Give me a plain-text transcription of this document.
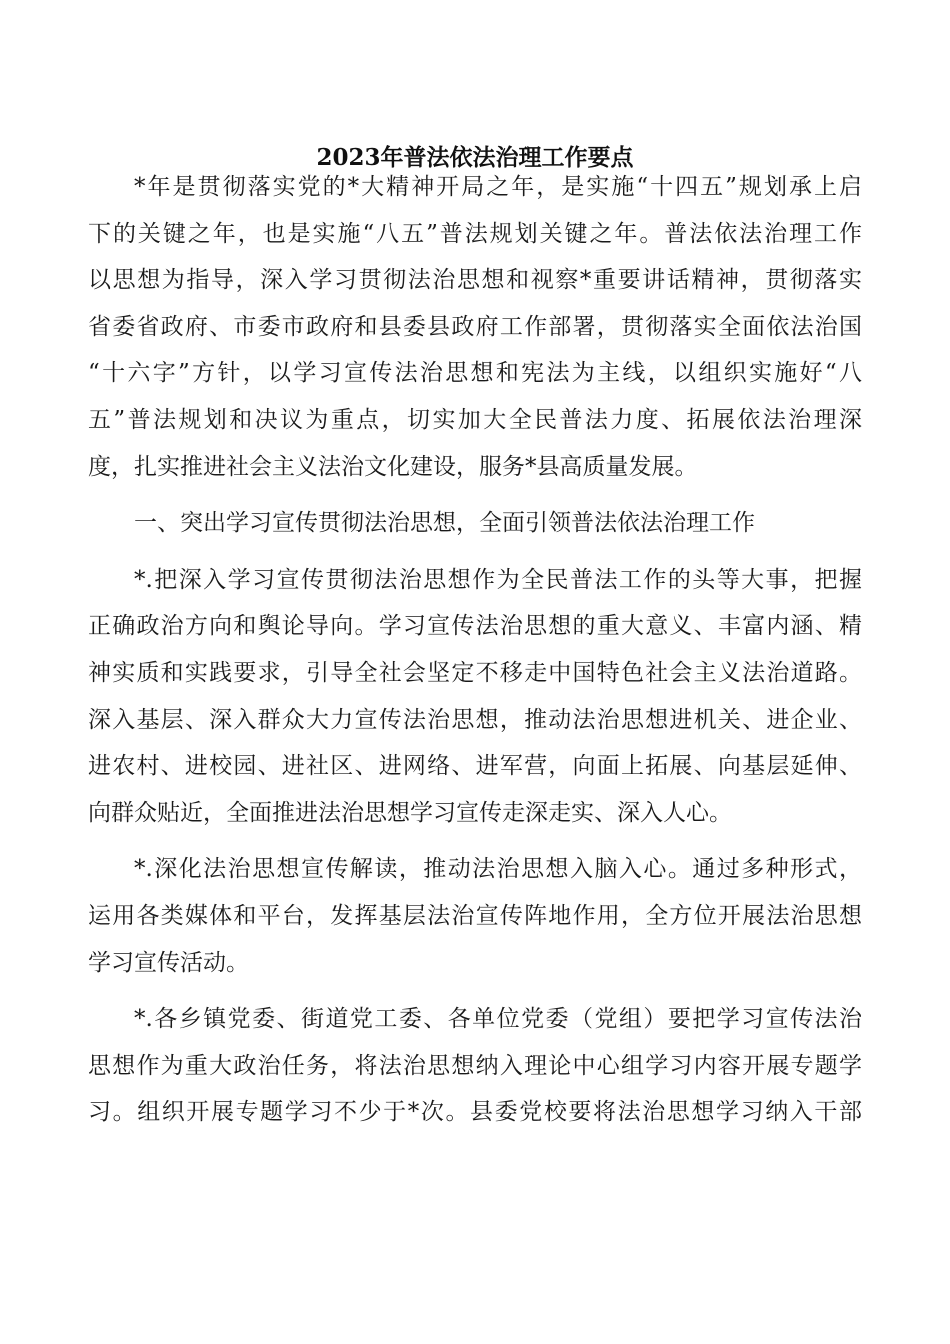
2023年普法依法治理工作要点
*年是贯彻落实党的*大精神开局之年，是实施“十四五”规划承上启
下的关键之年，也是实施“八五”普法规划关键之年。普法依法治理工作
以思想为指导，深入学习贯彻法治思想和视察*重要讲话精神，贯彻落实
省委省政府、市委市政府和县委县政府工作部署，贯彻落实全面依法治国
“十六字”方针，以学习宣传法治思想和宪法为主线，以组织实施好“八
五”普法规划和决议为重点，切实加大全民普法力度、拓展依法治理深
度，扎实推进社会主义法治文化建设，服务*县高质量发展。
一、突出学习宣传贯彻法治思想，全面引领普法依法治理工作
*.把深入学习宣传贯彻法治思想作为全民普法工作的头等大事，把握
正确政治方向和舆论导向。学习宣传法治思想的重大意义、丰富内涵、精
神实质和实践要求，引导全社会坚定不移走中国特色社会主义法治道路。
深入基层、深入群众大力宣传法治思想，推动法治思想进机关、进企业、
进农村、进校园、进社区、进网络、进军营，向面上拓展、向基层延伸、
向群众贴近，全面推进法治思想学习宣传走深走实、深入人心。
*.深化法治思想宣传解读，推动法治思想入脑入心。通过多种形式，
运用各类媒体和平台，发挥基层法治宣传阵地作用，全方位开展法治思想
学习宣传活动。
*.各乡镇党委、街道党工委、各单位党委（党组）要把学习宣传法治
思想作为重大政治任务，将法治思想纳入理论中心组学习内容开展专题学
习。组织开展专题学习不少于*次。县委党校要将法治思想学习纳入干部
